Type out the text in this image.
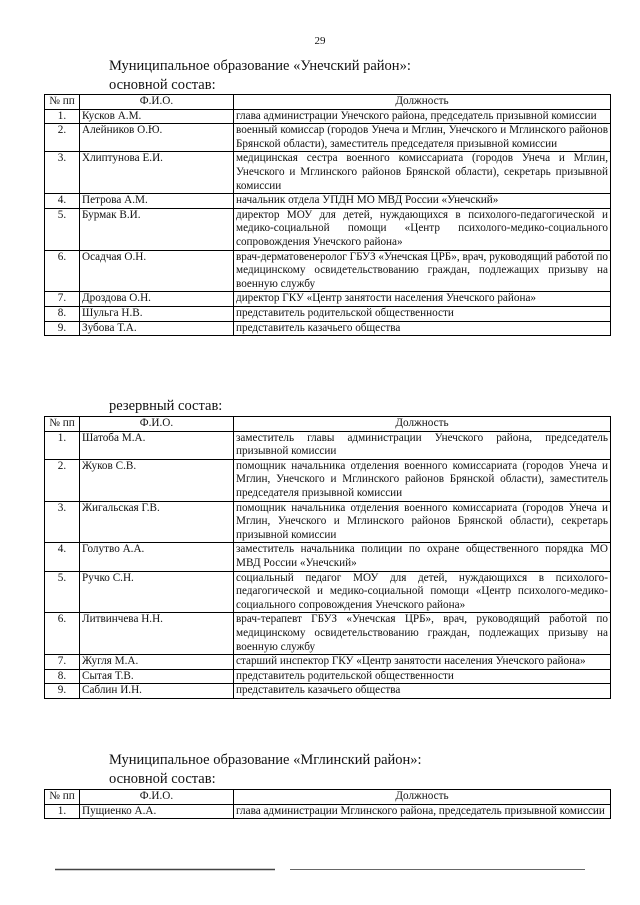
29
Муниципальное образование «Унечский район»:
основной состав:
№ пп	Ф.И.О.	Должность
1.	Кусков А.М.	глава администрации Унечского района, председатель призывной комиссии
2.	Алейников О.Ю.	военный комиссар (городов Унеча и Мглин, Унечского и Мглинского районов Брянской области), заместитель председателя призывной комиссии
3.	Хлиптунова Е.И.	медицинская сестра военного комиссариата (городов Унеча и Мглин, Унечского и Мглинского районов Брянской области), секретарь призывной комиссии
4.	Петрова А.М.	начальник отдела УПДН МО МВД России «Унечский»
5.	Бурмак В.И.	директор МОУ для детей, нуждающихся в психолого-педагогической и медико-социальной помощи «Центр психолого-медико-социального сопровождения Унечского района»
6.	Осадчая О.Н.	врач-дерматовенеролог ГБУЗ «Унечская ЦРБ», врач, руководящий работой по медицинскому освидетельствованию граждан, подлежащих призыву на военную службу
7.	Дроздова О.Н.	директор ГКУ «Центр занятости населения Унечского района»
8.	Шульга Н.В.	представитель родительской общественности
9.	Зубова Т.А.	представитель казачьего общества
резервный состав:
№ пп	Ф.И.О.	Должность
1.	Шатоба М.А.	заместитель главы администрации Унечского района, председатель призывной комиссии
2.	Жуков С.В.	помощник начальника отделения военного комиссариата (городов Унеча и Мглин, Унечского и Мглинского районов Брянской области), заместитель председателя призывной комиссии
3.	Жигальская Г.В.	помощник начальника отделения военного комиссариата (городов Унеча и Мглин, Унечского и Мглинского районов Брянской области), секретарь призывной комиссии
4.	Голутво А.А.	заместитель начальника полиции по охране общественного порядка МО МВД России «Унечский»
5.	Ручко С.Н.	социальный педагог МОУ для детей, нуждающихся в психолого-педагогической и медико-социальной помощи «Центр психолого-медико-социального сопровождения Унечского района»
6.	Литвинчева Н.Н.	врач-терапевт ГБУЗ «Унечская ЦРБ», врач, руководящий работой по медицинскому освидетельствованию граждан, подлежащих призыву на военную службу
7.	Жугля М.А.	старший инспектор ГКУ «Центр занятости населения Унечского района»
8.	Сытая Т.В.	представитель родительской общественности
9.	Саблин И.Н.	представитель казачьего общества
Муниципальное образование «Мглинский район»:
основной состав:
№ пп	Ф.И.О.	Должность
1.	Пущиенко А.А.	глава администрации Мглинского района, председатель призывной комиссии
